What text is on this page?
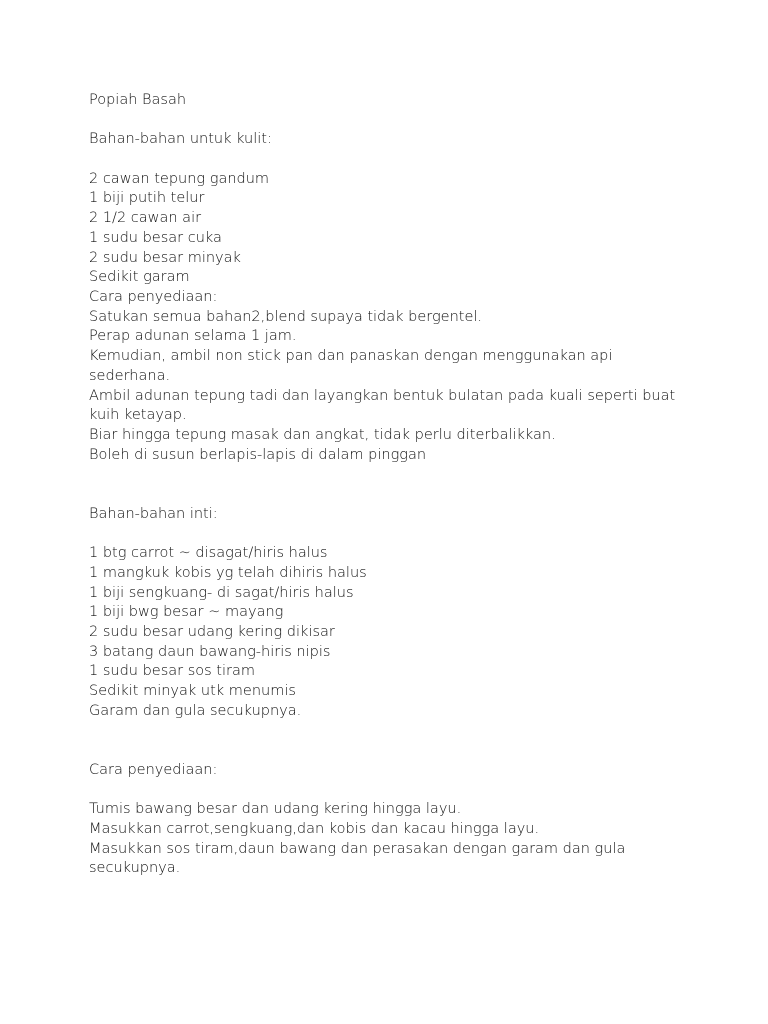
Popiah Basah
Bahan-bahan untuk kulit:
2 cawan tepung gandum
1 biji putih telur
2 1/2 cawan air
1 sudu besar cuka
2 sudu besar minyak
Sedikit garam
Cara penyediaan:
Satukan semua bahan2,blend supaya tidak bergentel.
Perap adunan selama 1 jam.
Kemudian, ambil non stick pan dan panaskan dengan menggunakan api sederhana.
Ambil adunan tepung tadi dan layangkan bentuk bulatan pada kuali seperti buat kuih ketayap.
Biar hingga tepung masak dan angkat, tidak perlu diterbalikkan.
Boleh di susun berlapis-lapis di dalam pinggan
Bahan-bahan inti:
1 btg carrot ~ disagat/hiris halus
1 mangkuk kobis yg telah dihiris halus
1 biji sengkuang- di sagat/hiris halus
1 biji bwg besar ~ mayang
2 sudu besar udang kering dikisar
3 batang daun bawang-hiris nipis
1 sudu besar sos tiram
Sedikit minyak utk menumis
Garam dan gula secukupnya.
Cara penyediaan:
Tumis bawang besar dan udang kering hingga layu.
Masukkan carrot,sengkuang,dan kobis dan kacau hingga layu.
Masukkan sos tiram,daun bawang dan perasakan dengan garam dan gula secukupnya.
